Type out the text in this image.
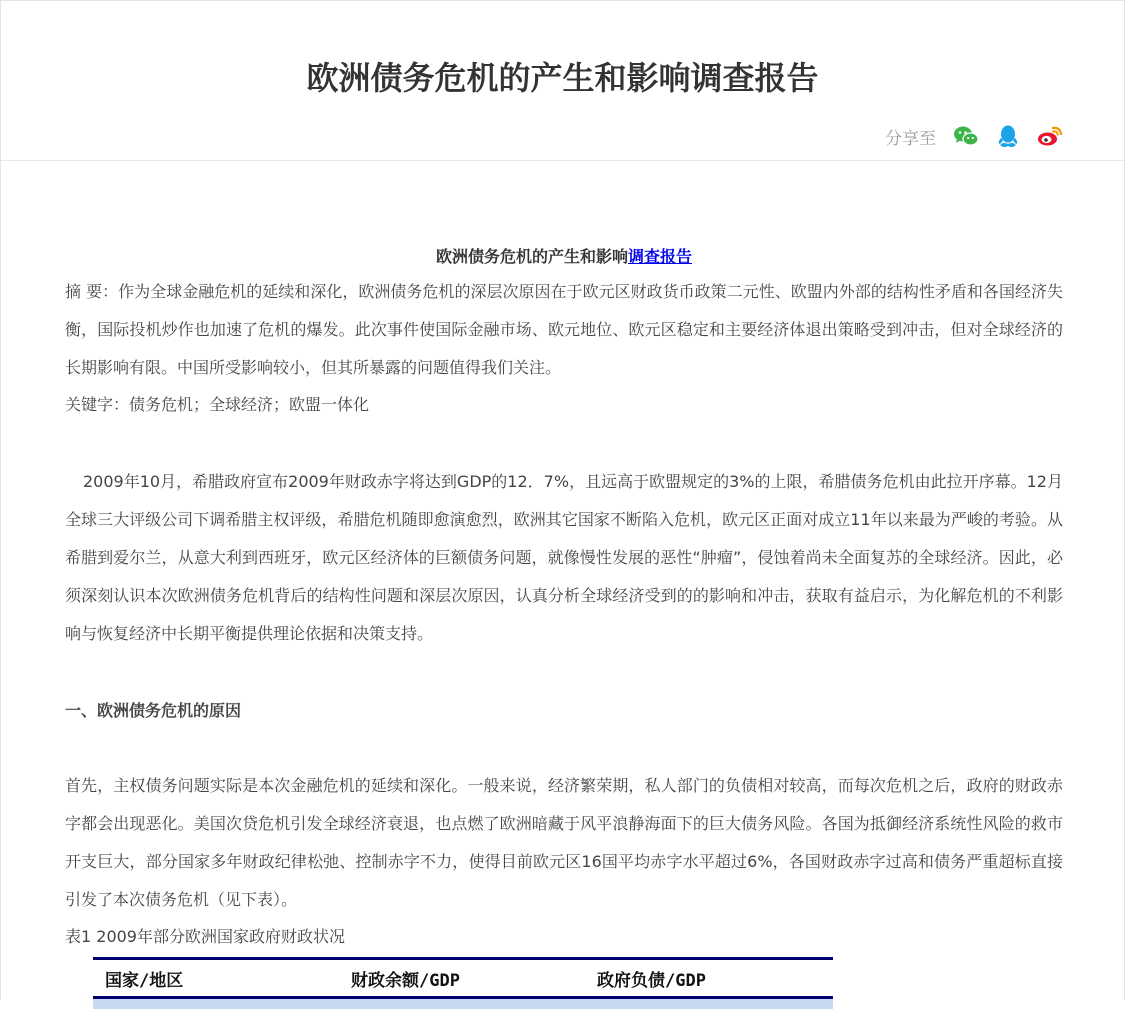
欧洲债务危机的产生和影响调查报告
分享至
欧洲债务危机的产生和影响调查报告

摘 要：作为全球金融危机的延续和深化，欧洲债务危机的深层次原因在于欧元区财政货币政策二元性、欧盟内外部的结构性矛盾和各国经济失衡，国际投机炒作也加速了危机的爆发。此次事件使国际金融市场、欧元地位、欧元区稳定和主要经济体退出策略受到冲击，但对全球经济的长期影响有限。中国所受影响较小，但其所暴露的问题值得我们关注。

关键字：债务危机；全球经济；欧盟一体化

2009年10月，希腊政府宣布2009年财政赤字将达到GDP的12．7%，且远高于欧盟规定的3%的上限，希腊债务危机由此拉开序幕。12月全球三大评级公司下调希腊主权评级，希腊危机随即愈演愈烈，欧洲其它国家不断陷入危机，欧元区正面对成立11年以来最为严峻的考验。从希腊到爱尔兰，从意大利到西班牙，欧元区经济体的巨额债务问题，就像慢性发展的恶性“肿瘤”，侵蚀着尚未全面复苏的全球经济。因此，必须深刻认识本次欧洲债务危机背后的结构性问题和深层次原因，认真分析全球经济受到的的影响和冲击，获取有益启示，为化解危机的不利影响与恢复经济中长期平衡提供理论依据和决策支持。

一、欧洲债务危机的原因

首先，主权债务问题实际是本次金融危机的延续和深化。一般来说，经济繁荣期，私人部门的负债相对较高，而每次危机之后，政府的财政赤字都会出现恶化。美国次贷危机引发全球经济衰退，也点燃了欧洲暗藏于风平浪静海面下的巨大债务风险。各国为抵御经济系统性风险的救市开支巨大，部分国家多年财政纪律松弛、控制赤字不力，使得目前欧元区16国平均赤字水平超过6%，各国财政赤字过高和债务严重超标直接引发了本次债务危机（见下表）。

表1 2009年部分欧洲国家政府财政状况

国家/地区	财政余额/GDP	政府负债/GDP
